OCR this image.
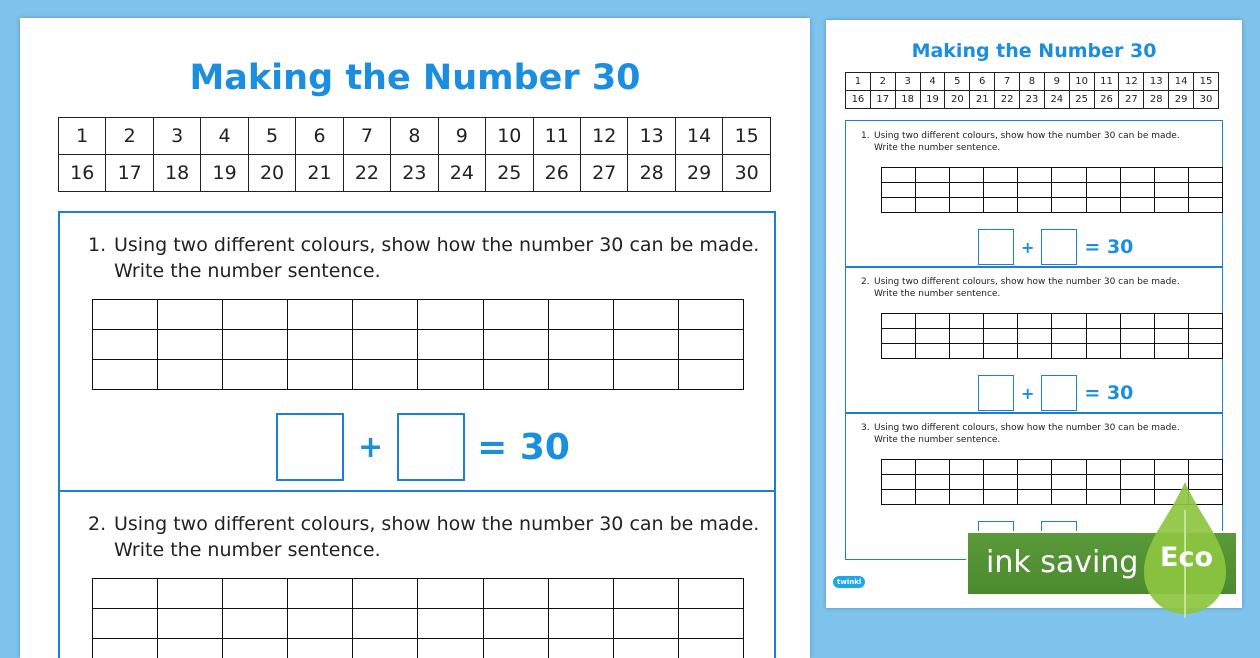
Making the Number 30
1	2	3	4	5	6	7	8	9	10	11	12	13	14	15
16	17	18	19	20	21	22	23	24	25	26	27	28	29	30
1. Using two different colours, show how the number 30 can be made.
Write the number sentence.

+	= 30
2. Using two different colours, show how the number 30 can be made.
Write the number sentence.

Making the Number 30
1	2	3	4	5	6	7	8	9	10	11	12	13	14	15
16	17	18	19	20	21	22	23	24	25	26	27	28	29	30
1. Using two different colours, show how the number 30 can be made.
Write the number sentence.

+	= 30
2. Using two different colours, show how the number 30 can be made.
Write the number sentence.

+	= 30
3. Using two different colours, show how the number 30 can be made.
Write the number sentence.

twinkl
ink saving Eco
